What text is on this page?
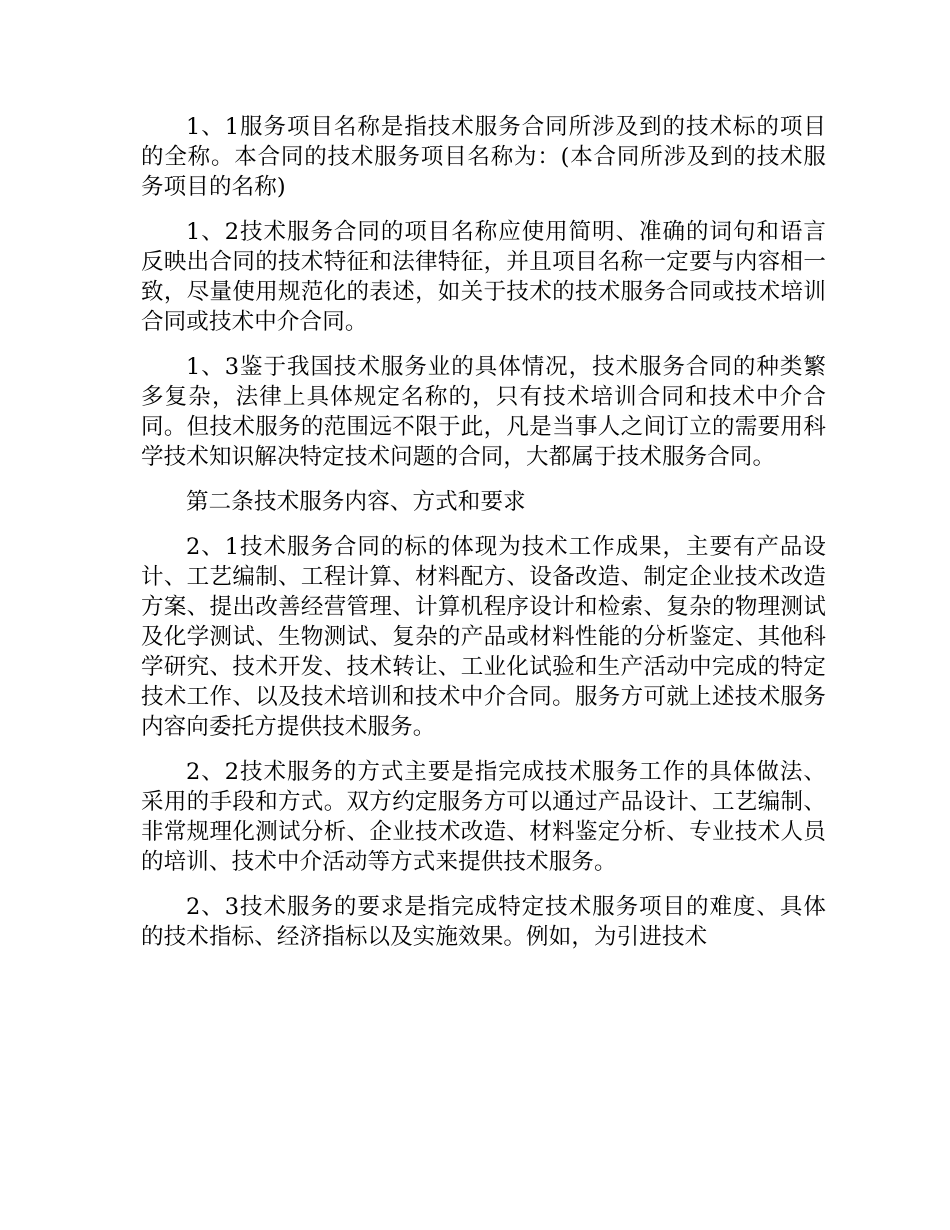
1、1服务项目名称是指技术服务合同所涉及到的技术标的项目的全称。本合同的技术服务项目名称为：(本合同所涉及到的技术服务项目的名称)

1、2技术服务合同的项目名称应使用简明、准确的词句和语言反映出合同的技术特征和法律特征，并且项目名称一定要与内容相一致，尽量使用规范化的表述，如关于技术的技术服务合同或技术培训合同或技术中介合同。

1、3鉴于我国技术服务业的具体情况，技术服务合同的种类繁多复杂，法律上具体规定名称的，只有技术培训合同和技术中介合同。但技术服务的范围远不限于此，凡是当事人之间订立的需要用科学技术知识解决特定技术问题的合同，大都属于技术服务合同。

第二条技术服务内容、方式和要求

2、1技术服务合同的标的体现为技术工作成果，主要有产品设计、工艺编制、工程计算、材料配方、设备改造、制定企业技术改造方案、提出改善经营管理、计算机程序设计和检索、复杂的物理测试及化学测试、生物测试、复杂的产品或材料性能的分析鉴定、其他科学研究、技术开发、技术转让、工业化试验和生产活动中完成的特定技术工作、以及技术培训和技术中介合同。服务方可就上述技术服务内容向委托方提供技术服务。

2、2技术服务的方式主要是指完成技术服务工作的具体做法、采用的手段和方式。双方约定服务方可以通过产品设计、工艺编制、非常规理化测试分析、企业技术改造、材料鉴定分析、专业技术人员的培训、技术中介活动等方式来提供技术服务。

2、3技术服务的要求是指完成特定技术服务项目的难度、具体的技术指标、经济指标以及实施效果。例如，为引进技术
